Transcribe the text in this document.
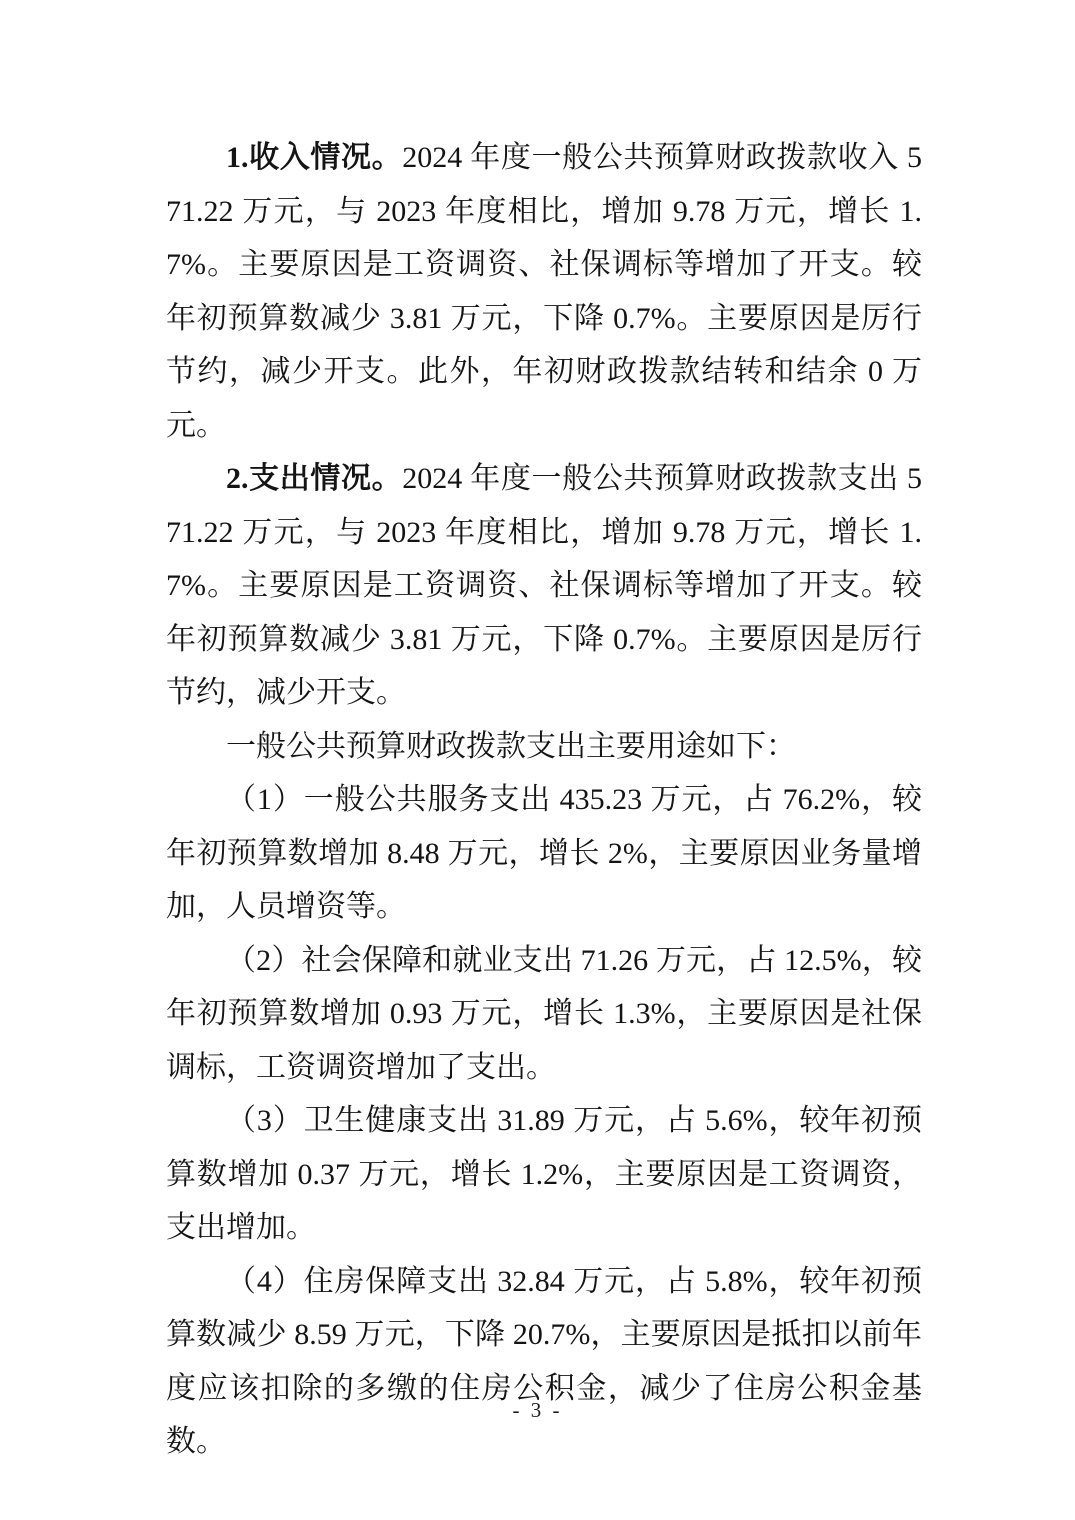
1.收入情况。2024 年度一般公共预算财政拨款收入 571.22 万元，与 2023 年度相比，增加 9.78 万元，增长 1.7%。主要原因是工资调资、社保调标等增加了开支。较年初预算数减少 3.81 万元，下降 0.7%。主要原因是厉行节约，减少开支。此外，年初财政拨款结转和结余 0 万元。

2.支出情况。2024 年度一般公共预算财政拨款支出 571.22 万元，与 2023 年度相比，增加 9.78 万元，增长 1.7%。主要原因是工资调资、社保调标等增加了开支。较年初预算数减少 3.81 万元，下降 0.7%。主要原因是厉行节约，减少开支。

一般公共预算财政拨款支出主要用途如下：

（1）一般公共服务支出 435.23 万元，占 76.2%，较年初预算数增加 8.48 万元，增长 2%，主要原因业务量增加，人员增资等。

（2）社会保障和就业支出 71.26 万元，占 12.5%，较年初预算数增加 0.93 万元，增长 1.3%，主要原因是社保调标，工资调资增加了支出。

（3）卫生健康支出 31.89 万元，占 5.6%，较年初预算数增加 0.37 万元，增长 1.2%，主要原因是工资调资，支出增加。

（4）住房保障支出 32.84 万元，占 5.8%，较年初预算数减少 8.59 万元，下降 20.7%，主要原因是抵扣以前年度应该扣除的多缴的住房公积金，减少了住房公积金基数。

- 3 -
